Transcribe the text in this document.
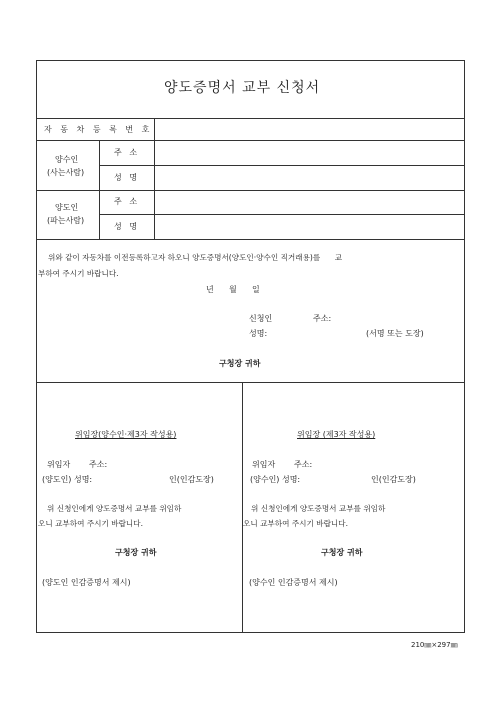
양도증명서 교부 신청서
자 동 차 등 록 번 호
양수인
(사는사람)
주   소
성   명
양도인
(파는사람)
주   소
성   명
위와 같이 자동차를 이전등록하고자 하오니 양도증명서(양도인·양수인 직거래용)를      교
부하여 주시기 바랍니다.
년      월      일
신청인	주소:
성명:	(서명 또는 도장)
구청장 귀하
위임장(양수인·제3자 작성용)
위임자 주소:
(양도인) 성명:	인(인감도장)
위 신청인에게 양도증명서 교부를 위임하
오니 교부하여 주시기 바랍니다.
구청장 귀하
(양도인 인감증명서 제시)
위임장 (제3자 작성용)
위임자 주소:
(양수인) 성명:	인(인감도장)
위 신청인에게 양도증명서 교부를 위임하
오니 교부하여 주시기 바랍니다.
구청장 귀하
(양수인 인감증명서 제시)
210㎜×297㎜
